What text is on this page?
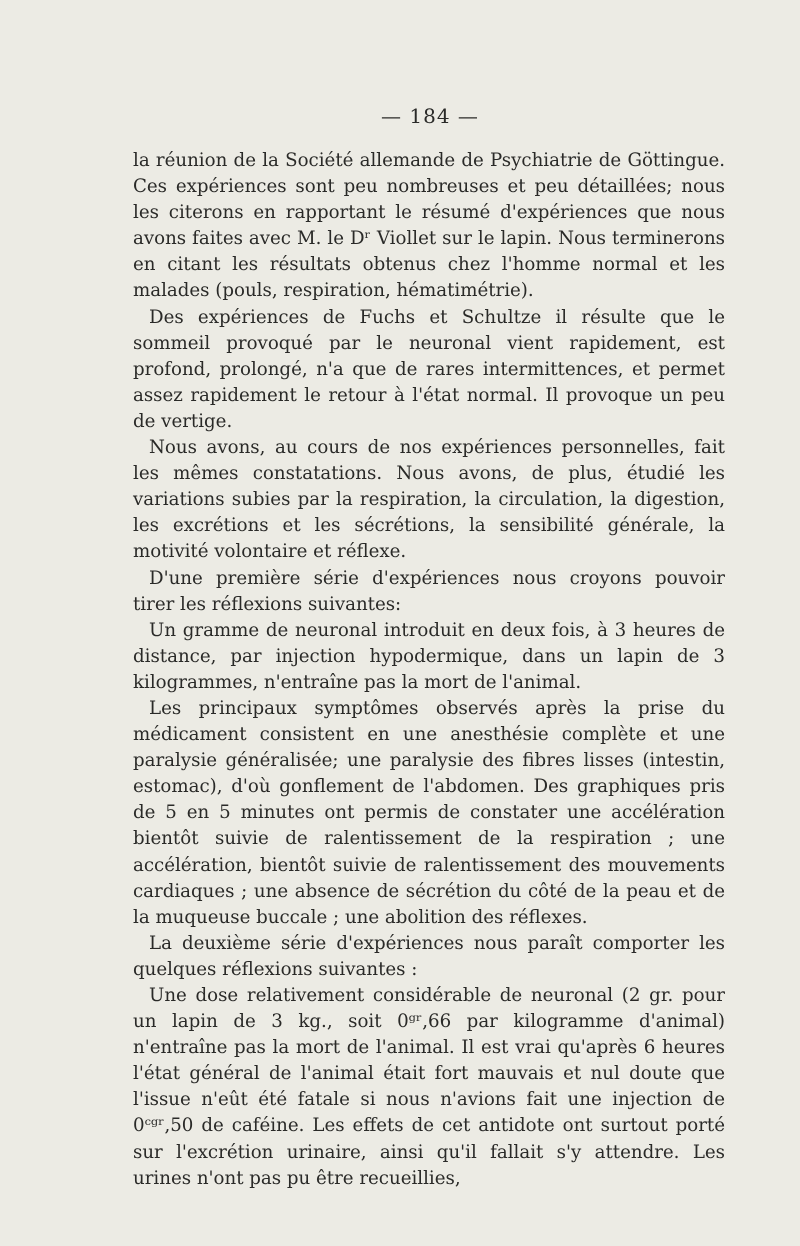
— 184 —

la réunion de la Société allemande de Psychiatrie de Göttingue. Ces expériences sont peu nombreuses et peu détaillées; nous les citerons en rapportant le résumé d'expériences que nous avons faites avec M. le Dʳ Viollet sur le lapin. Nous terminerons en citant les résultats obtenus chez l'homme normal et les malades (pouls, respiration, hématimétrie).

Des expériences de Fuchs et Schultze il résulte que le sommeil provoqué par le neuronal vient rapidement, est profond, prolongé, n'a que de rares intermittences, et permet assez rapidement le retour à l'état normal. Il provoque un peu de vertige.

Nous avons, au cours de nos expériences personnelles, fait les mêmes constatations. Nous avons, de plus, étudié les variations subies par la respiration, la circulation, la digestion, les excrétions et les sécrétions, la sensibilité générale, la motivité volontaire et réflexe.

D'une première série d'expériences nous croyons pouvoir tirer les réflexions suivantes:

Un gramme de neuronal introduit en deux fois, à 3 heures de distance, par injection hypodermique, dans un lapin de 3 kilogrammes, n'entraîne pas la mort de l'animal.

Les principaux symptômes observés après la prise du médicament consistent en une anesthésie complète et une paralysie généralisée; une paralysie des fibres lisses (intestin, estomac), d'où gonflement de l'abdomen. Des graphiques pris de 5 en 5 minutes ont permis de constater une accélération bientôt suivie de ralentissement de la respiration ; une accélération, bientôt suivie de ralentissement des mouvements cardiaques ; une absence de sécrétion du côté de la peau et de la muqueuse buccale ; une abolition des réflexes.

La deuxième série d'expériences nous paraît comporter les quelques réflexions suivantes :

Une dose relativement considérable de neuronal (2 gr. pour un lapin de 3 kg., soit 0ᵍʳ,66 par kilogramme d'animal) n'entraîne pas la mort de l'animal. Il est vrai qu'après 6 heures l'état général de l'animal était fort mauvais et nul doute que l'issue n'eût été fatale si nous n'avions fait une injection de 0ᶜᵍʳ,50 de caféine. Les effets de cet antidote ont surtout porté sur l'excrétion urinaire, ainsi qu'il fallait s'y attendre. Les urines n'ont pas pu être recueillies,
